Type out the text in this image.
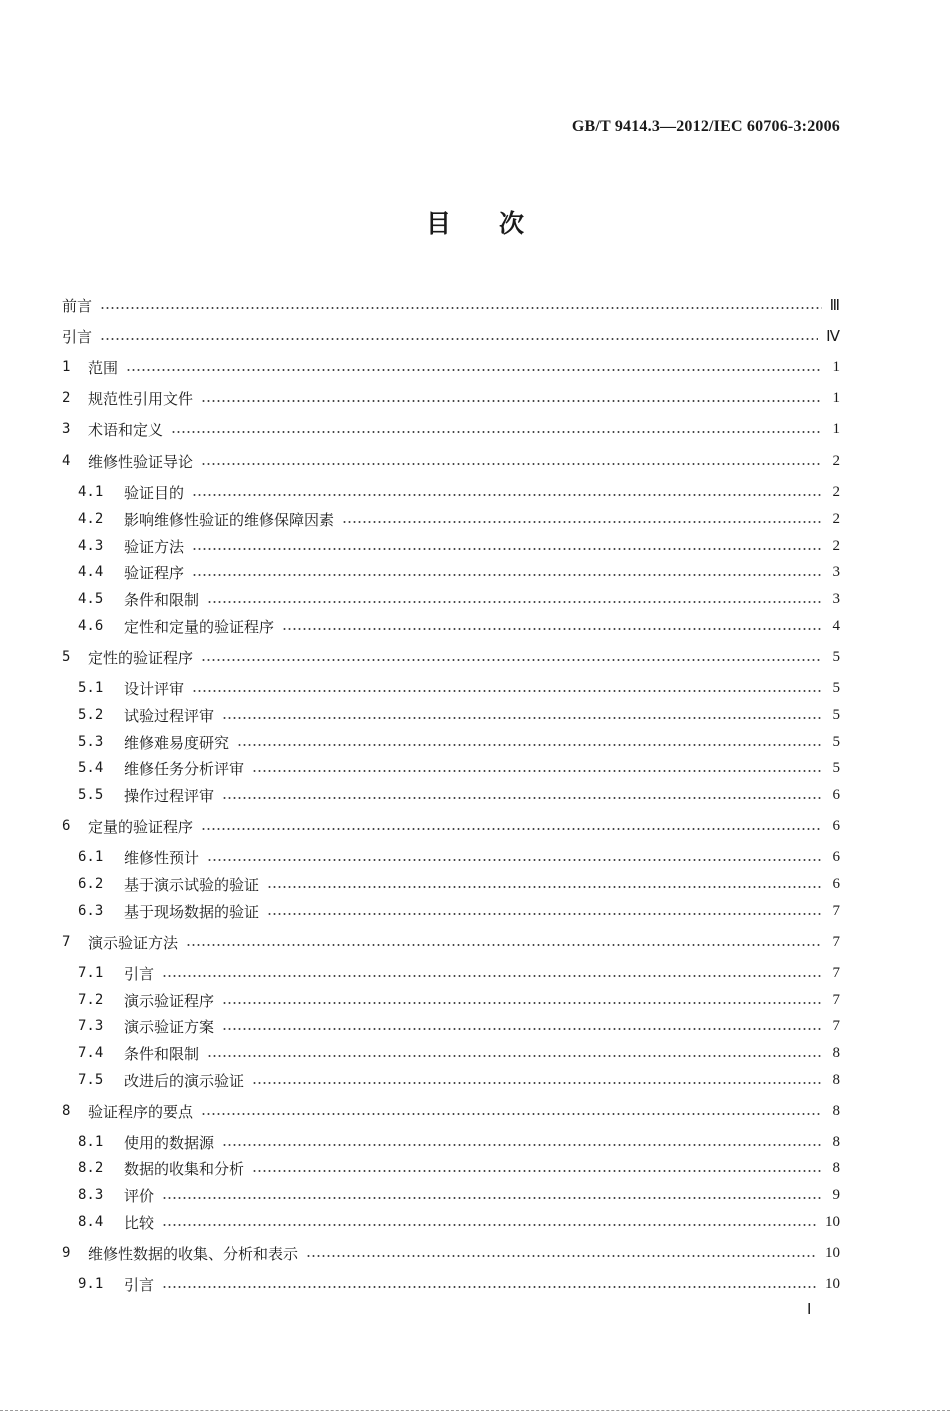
GB/T 9414.3—2012/IEC 60706-3:2006
目次
前言	Ⅲ
引言	Ⅳ
1 范围	1
2 规范性引用文件	1
3 术语和定义	1
4 维修性验证导论	2
4.1 验证目的	2
4.2 影响维修性验证的维修保障因素	2
4.3 验证方法	2
4.4 验证程序	3
4.5 条件和限制	3
4.6 定性和定量的验证程序	4
5 定性的验证程序	5
5.1 设计评审	5
5.2 试验过程评审	5
5.3 维修难易度研究	5
5.4 维修任务分析评审	5
5.5 操作过程评审	6
6 定量的验证程序	6
6.1 维修性预计	6
6.2 基于演示试验的验证	6
6.3 基于现场数据的验证	7
7 演示验证方法	7
7.1 引言	7
7.2 演示验证程序	7
7.3 演示验证方案	7
7.4 条件和限制	8
7.5 改进后的演示验证	8
8 验证程序的要点	8
8.1 使用的数据源	8
8.2 数据的收集和分析	8
8.3 评价	9
8.4 比较	10
9 维修性数据的收集、分析和表示	10
9.1 引言	10
Ⅰ
